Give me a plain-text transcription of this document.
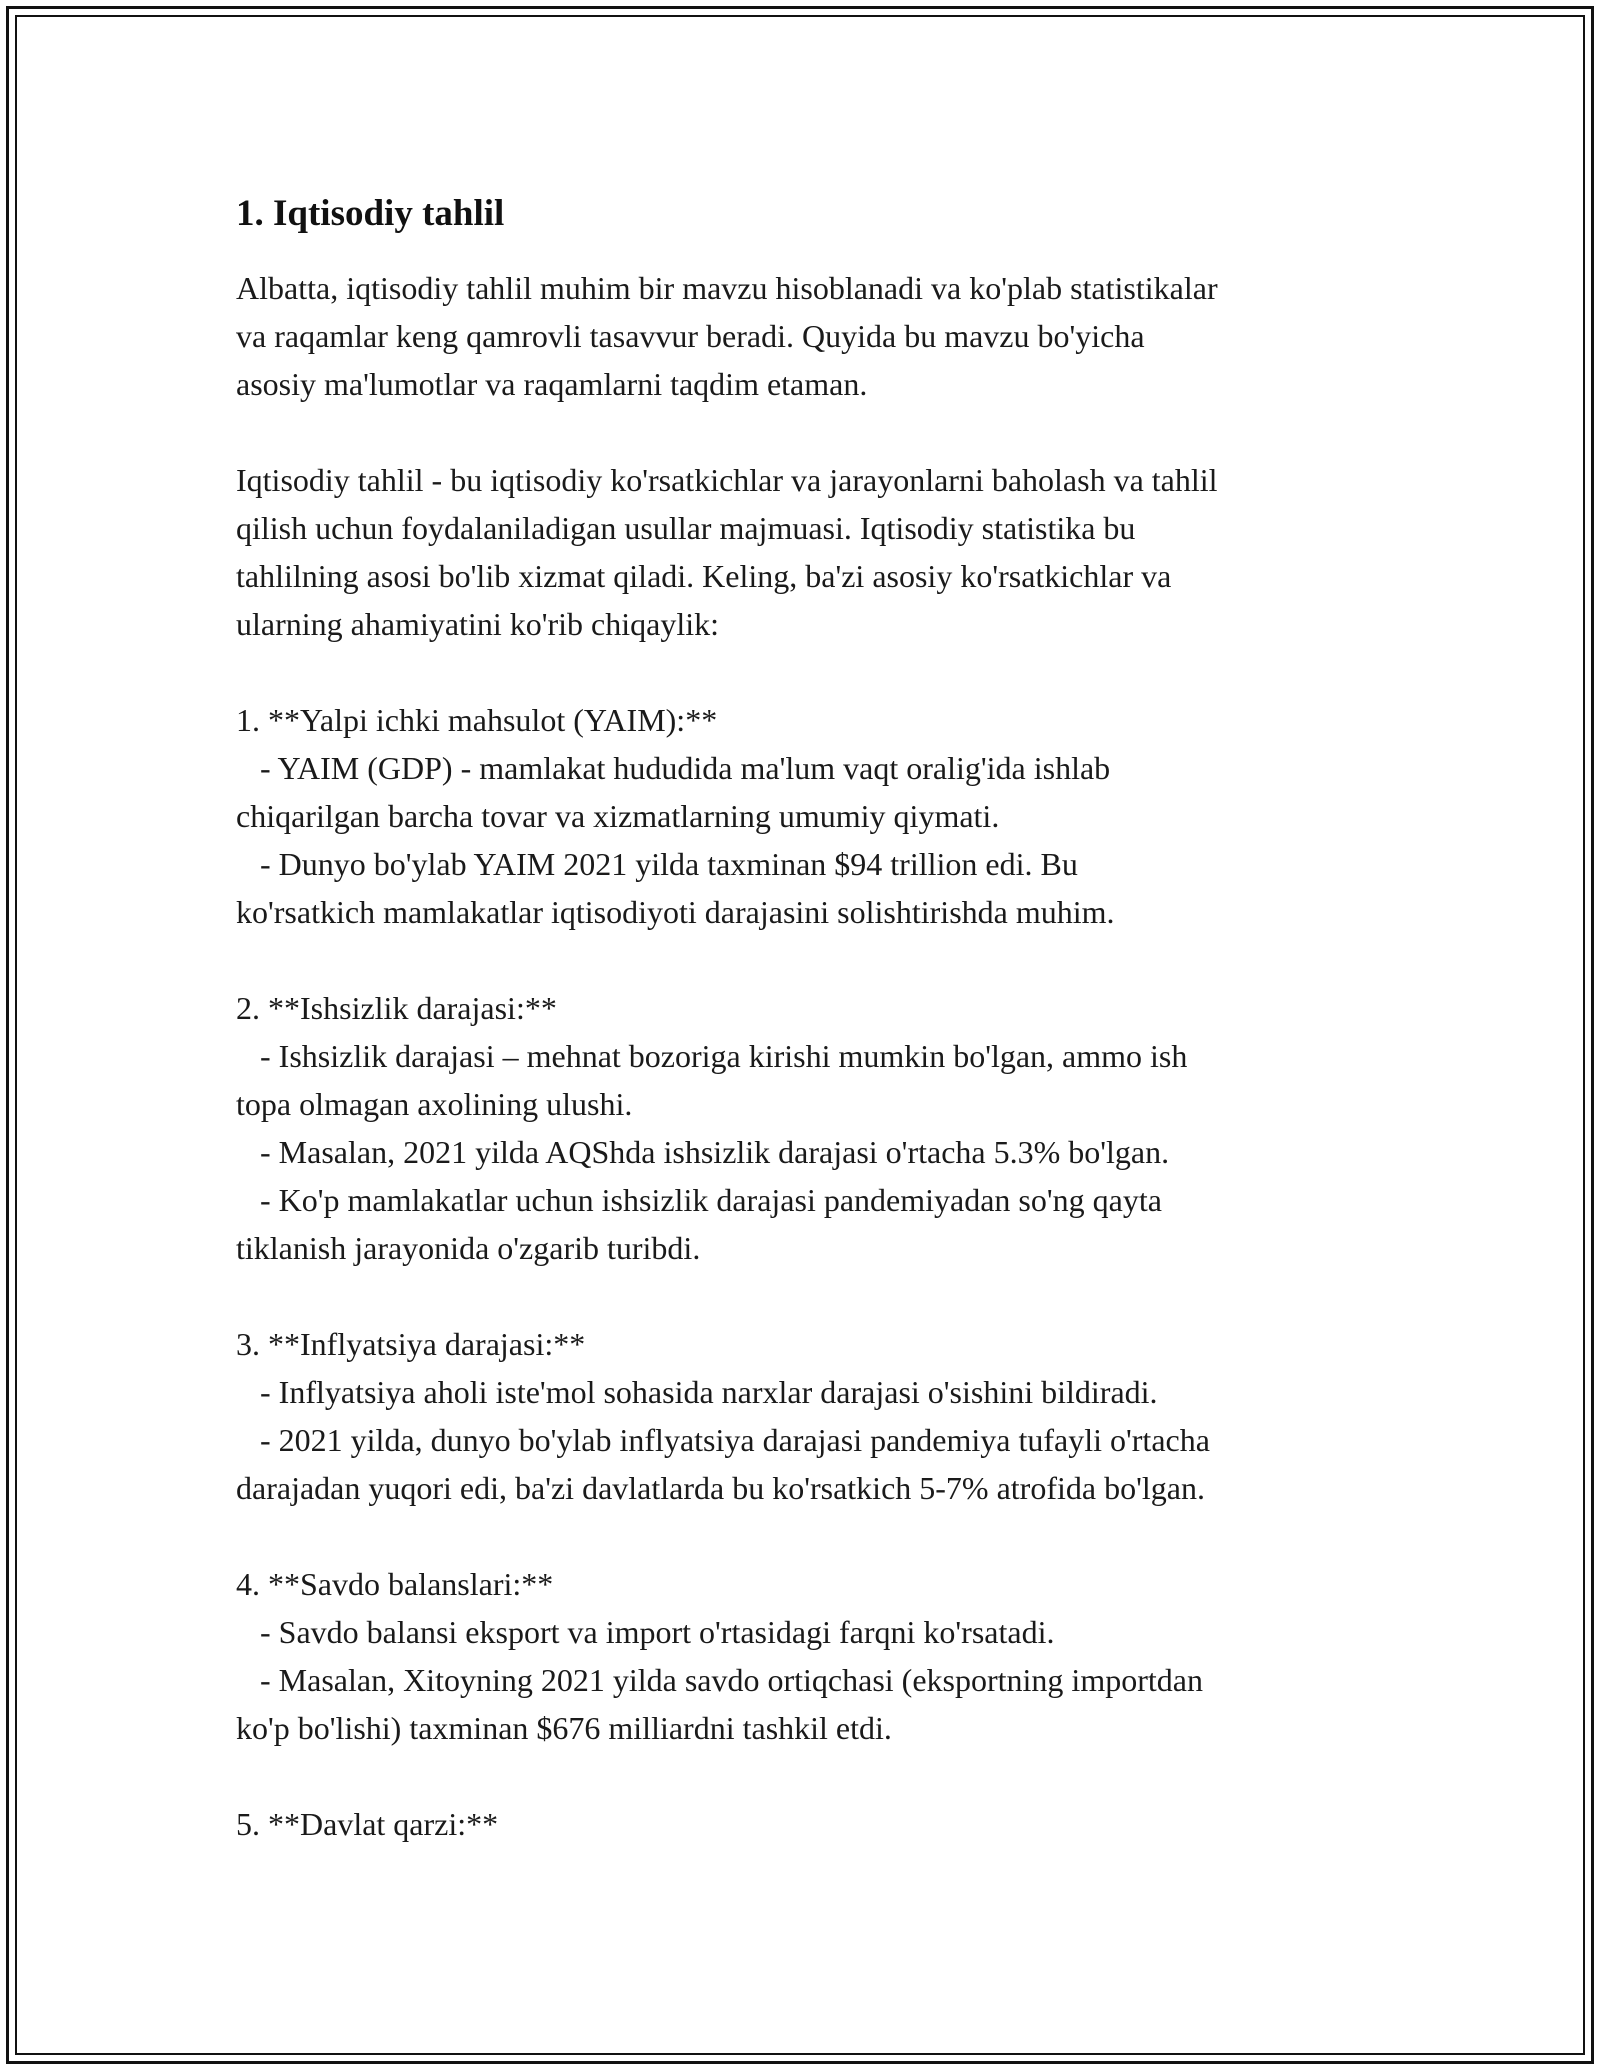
1. Iqtisodiy tahlil

Albatta, iqtisodiy tahlil muhim bir mavzu hisoblanadi va ko'plab statistikalar
va raqamlar keng qamrovli tasavvur beradi. Quyida bu mavzu bo'yicha
asosiy ma'lumotlar va raqamlarni taqdim etaman.

Iqtisodiy tahlil - bu iqtisodiy ko'rsatkichlar va jarayonlarni baholash va tahlil
qilish uchun foydalaniladigan usullar majmuasi. Iqtisodiy statistika bu
tahlilning asosi bo'lib xizmat qiladi. Keling, ba'zi asosiy ko'rsatkichlar va
ularning ahamiyatini ko'rib chiqaylik:

1. **Yalpi ichki mahsulot (YAIM):**
- YAIM (GDP) - mamlakat hududida ma'lum vaqt oralig'ida ishlab
chiqarilgan barcha tovar va xizmatlarning umumiy qiymati.
- Dunyo bo'ylab YAIM 2021 yilda taxminan $94 trillion edi. Bu
ko'rsatkich mamlakatlar iqtisodiyoti darajasini solishtirishda muhim.

2. **Ishsizlik darajasi:**
- Ishsizlik darajasi – mehnat bozoriga kirishi mumkin bo'lgan, ammo ish
topa olmagan axolining ulushi.
- Masalan, 2021 yilda AQShda ishsizlik darajasi o'rtacha 5.3% bo'lgan.
- Ko'p mamlakatlar uchun ishsizlik darajasi pandemiyadan so'ng qayta
tiklanish jarayonida o'zgarib turibdi.

3. **Inflyatsiya darajasi:**
- Inflyatsiya aholi iste'mol sohasida narxlar darajasi o'sishini bildiradi.
- 2021 yilda, dunyo bo'ylab inflyatsiya darajasi pandemiya tufayli o'rtacha
darajadan yuqori edi, ba'zi davlatlarda bu ko'rsatkich 5-7% atrofida bo'lgan.

4. **Savdo balanslari:**
- Savdo balansi eksport va import o'rtasidagi farqni ko'rsatadi.
- Masalan, Xitoyning 2021 yilda savdo ortiqchasi (eksportning importdan
ko'p bo'lishi) taxminan $676 milliardni tashkil etdi.

5. **Davlat qarzi:**
